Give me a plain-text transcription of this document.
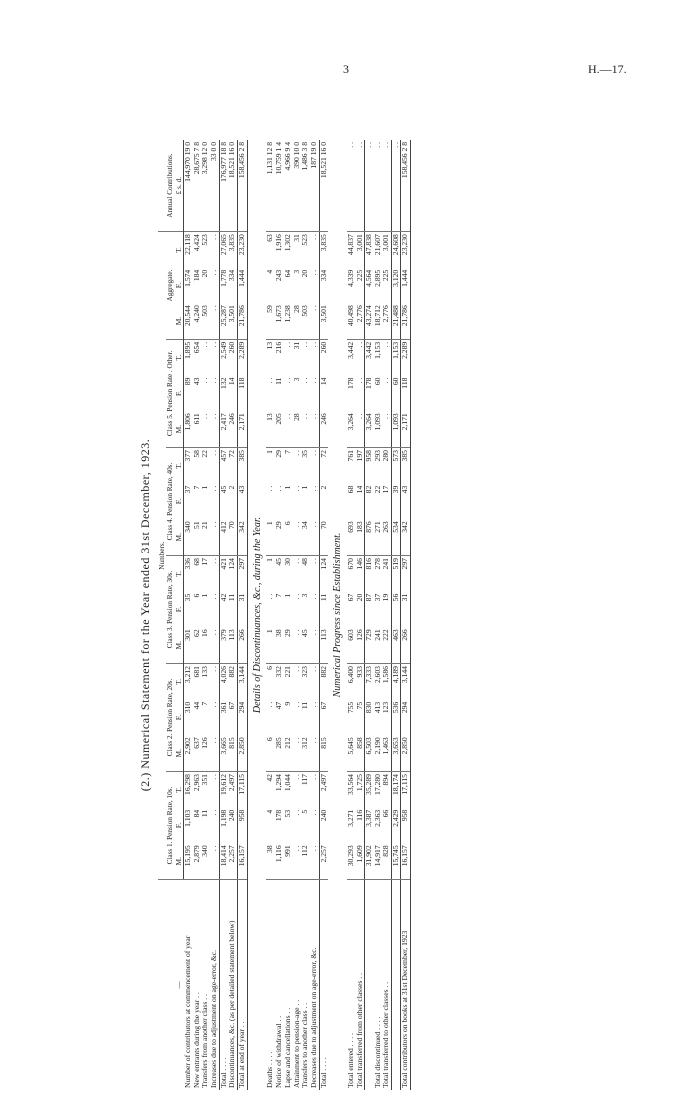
3	H.—17.
(2.) Numerical Statement for the Year ended 31st December, 1923.
—	Numbers.																		Annual Contributions.
	Class 1. Pension Rate, 10s.			Class 2. Pension Rate, 20s.			Class 3. Pension Rate, 30s.			Class 4. Pension Rate, 40s.			Class 5. Pension Rate . Other.			Aggregate.			
	M.	F.	T.	M.	F.	T.	M.	F.	T.	M.	F.	T.	M.	F.	T.	M.	F.	T.	£ s. d.
Number of contributors at commencement of year	15,195	1,103	16,298	2,902	310	3,212	301	35	336	340	37	377	1,806	89	1,895	20,544	1,574	22,118	144,970 19 0
New entrants during the year . .	2,879	84	2,963	637	44	681	62	6	68	51	7	58	611	43	654	4,240	184	4,424	28,675 7 8
Transfers from another class . .	340	11	351	126	7	133	16	1	17	21	1	22	. .	. .	. .	503	20	523	3,298 12 0
Increases due to adjustment on age-error, &c.	. .	. .	. .	. .	. .	. .	. .	. .	. .	. .	. .	. .	. .	. .	. .	. .	. .	. .	33 0 0
Total . . . .	18,414	1,198	19,612	3,665	361	4,026	379	42	421	412	45	457	2,417	132	2,549	25,287	1,778	27,065	176,977 18 8
Discontinuances, &c. (as per detailed statement below)	2,257	240	2,497	815	67	882	113	11	124	70	2	72	246	14	260	3,501	334	3,835	18,521 16 0
Total at end of year . .	16,157	958	17,115	2,850	294	3,144	266	31	297	342	43	385	2,171	118	2,289	21,786	1,444	23,230	158,456 2 8
Details of Discontinuances, &c., during the Year.																			
Deaths . . . .	38	4	42	6	. .	6	1	. .	1	1	. .	1	13	. .	13	59	4	63	1,131 12 8
Notice of withdrawal . .	1,116	178	1,294	285	47	332	38	7	45	29	. .	29	205	11	216	1,673	243	1,916	10,759 1 4
Lapse and cancellations . .	991	53	1,044	212	9	221	29	1	30	6	1	7	. .	. .	. .	1,238	64	1,302	4,966 9 4
Attainment to pension-age . .	. .	. .	. .	. .	. .	. .	. .	. .	. .	. .	. .	. .	28	3	31	28	3	31	390 10 0
Transfers to another class . .	112	5	117	312	11	323	45	3	48	34	1	35	. .	. .	. .	503	20	523	1,486 3 8
Decreases due to adjustment on age-error, &c.	. .	. .	. .	. .	. .	. .	. .	. .	. .	. .	. .	. .	. .	. .	. .	. .	. .	. .	187 19 0
Total . . . .	2,257	240	2,497	815	67	882	113	11	124	70	2	72	246	14	260	3,501	334	3,835	18,521 16 0
Numerical Progress since Establishment.																			
Total entered . . . .	30,293	3,271	33,564	5,645	755	6,400	603	67	670	693	68	761	3,264	178	3,442	40,498	4,339	44,837	. .
Total transferred from other classes . .	1,609	116	1,725	858	75	933	126	20	146	183	14	197	. .	. .	. .	2,776	225	3,001	. .

	31,902	3,387	35,289	6,503	830	7,333	729	87	816	876	82	958	3,264	178	3,442	43,274	4,564	47,838	. .
Total discontinued . . . .	14,917	2,363	17,280	2,190	413	2,603	241	37	278	271	22	293	1,093	60	1,153	18,712	2,895	21,607	. .
Total transferred to other classes . .	828	66	894	1,463	123	1,586	222	19	241	263	17	280	. .	. .	. .	2,776	225	3,001	. .

	15,745	2,429	18,174	3,653	536	4,189	463	56	519	534	39	573	1,093	60	1,153	21,488	3,120	24,608	. .
Total contributors on books at 31st December, 1923	16,157	958	17,115	2,850	294	3,144	266	31	297	342	43	385	2,171	118	2,289	21,786	1,444	23,230	158,456 2 8
